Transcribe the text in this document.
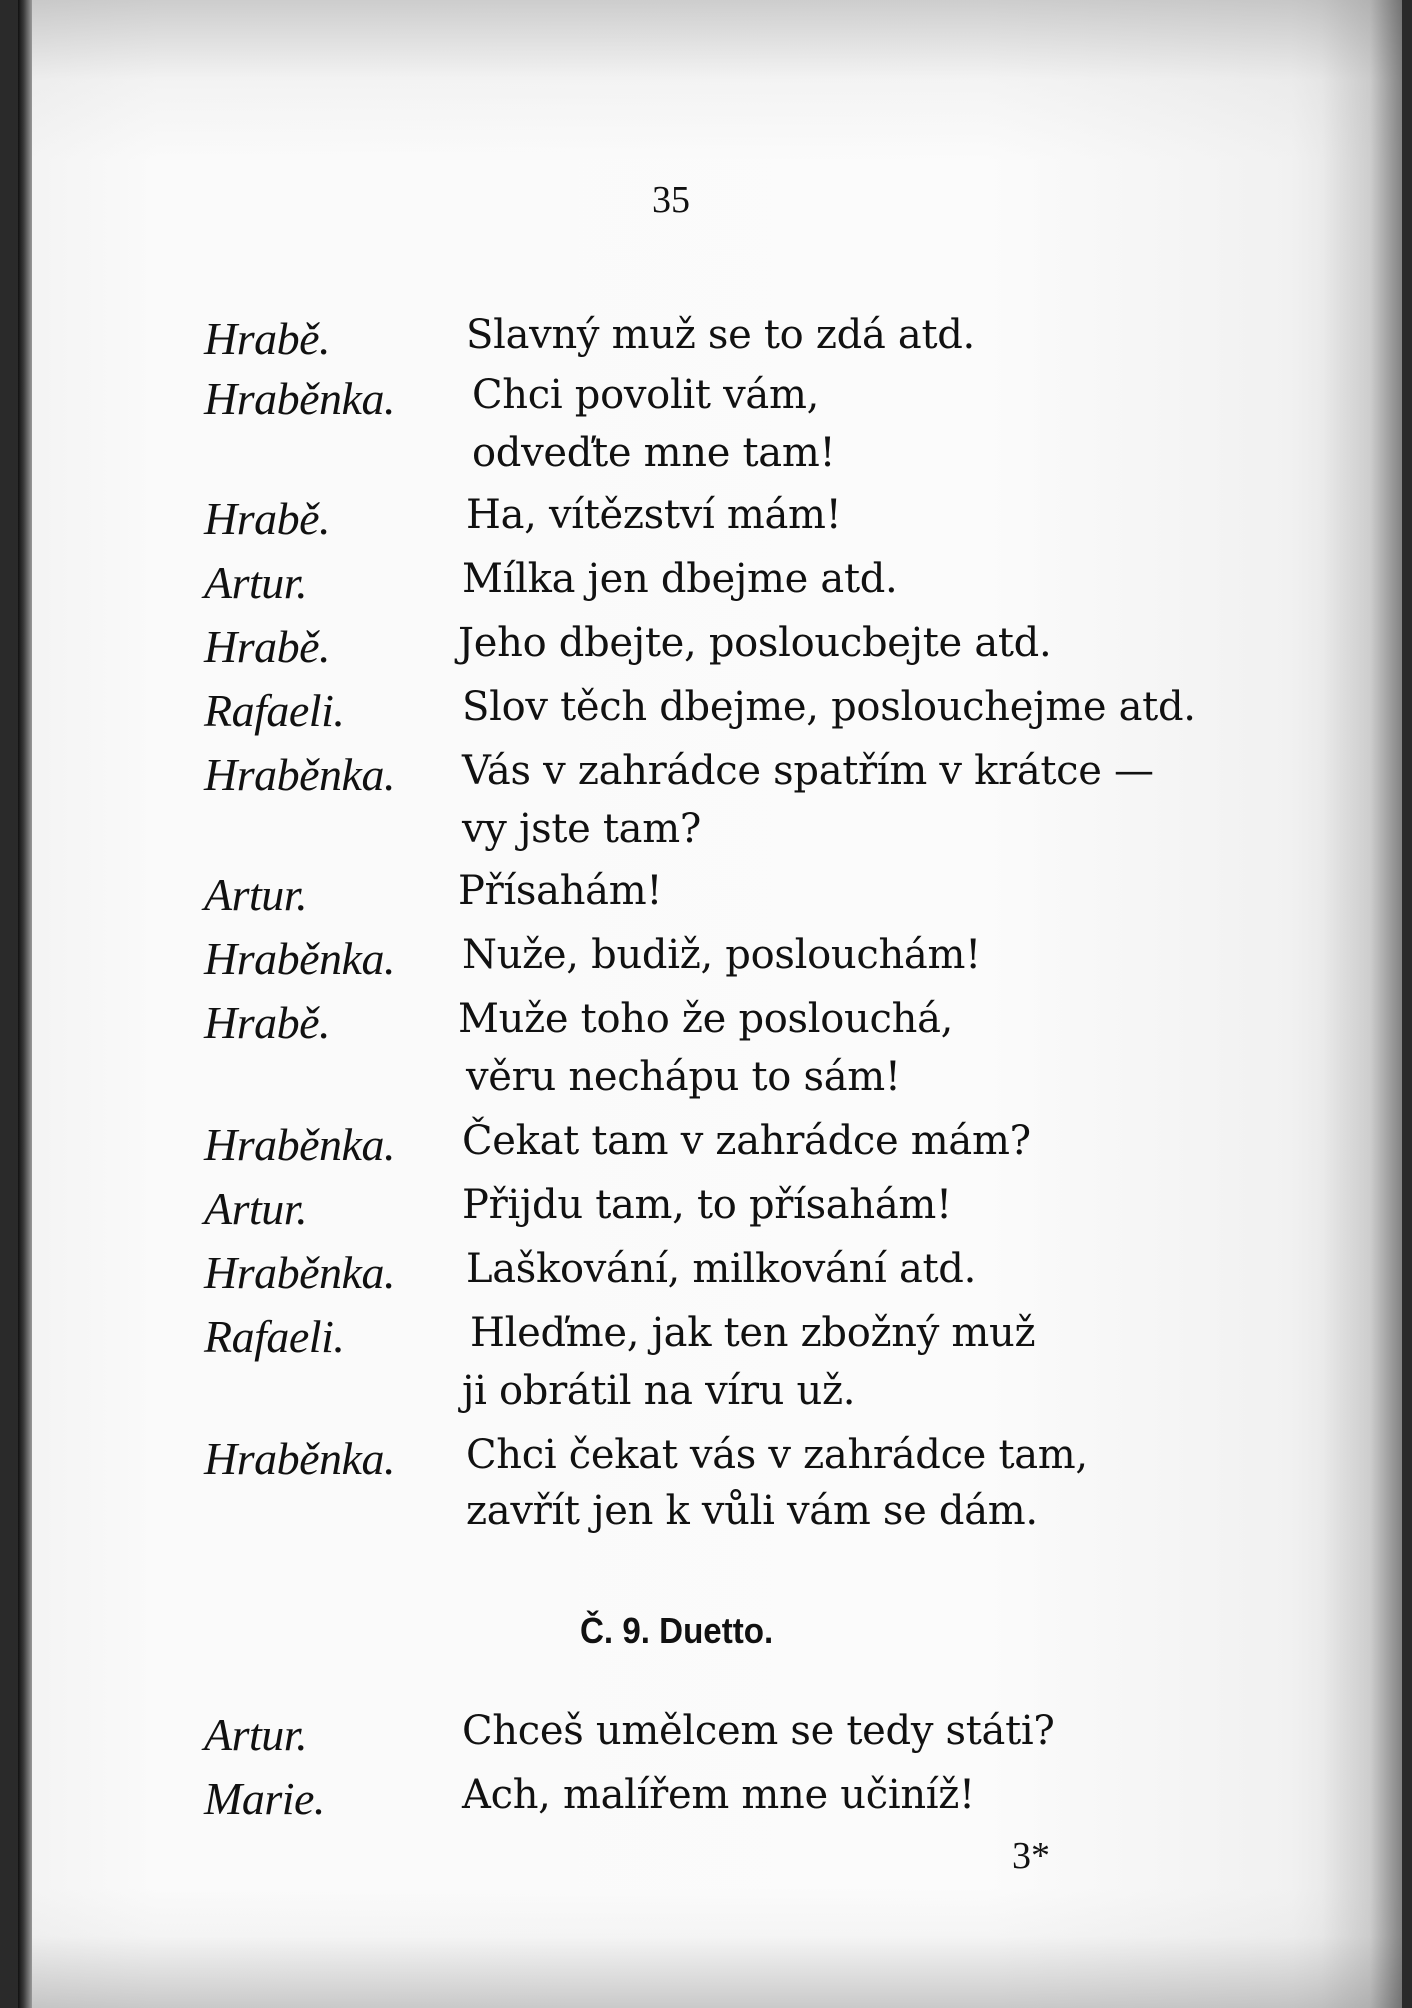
35
Hrabě.	Slavný muž se to zdá atd.
Hraběnka. Chci povolit vám,
odveďte mne tam!
Hrabě.	Ha, vítězství mám!
Artur.	Mílka jen dbejme atd.
Hrabě.	Jeho dbejte, posloucbejte atd.
Rafaeli.	Slov těch dbejme, poslouchejme atd.
Hraběnka. Vás v zahrádce spatřím v krátce —
vy jste tam?
Artur.	Přísahám!
Hraběnka. Nuže, budiž, poslouchám!
Hrabě.	Muže toho že poslouchá,
věru nechápu to sám!
Hraběnka. Čekat tam v zahrádce mám?
Artur.	Přijdu tam, to přísahám!
Hraběnka. Laškování, milkování atd.
Rafaeli.	Hleďme, jak ten zbožný muž
ji obrátil na víru už.
Hraběnka. Chci čekat vás v zahrádce tam,
zavřít jen k vůli vám se dám.
Č. 9. Duetto.
Artur.	Chceš umělcem se tedy státi?
Marie.	Ach, malířem mne učiníž!
3*
